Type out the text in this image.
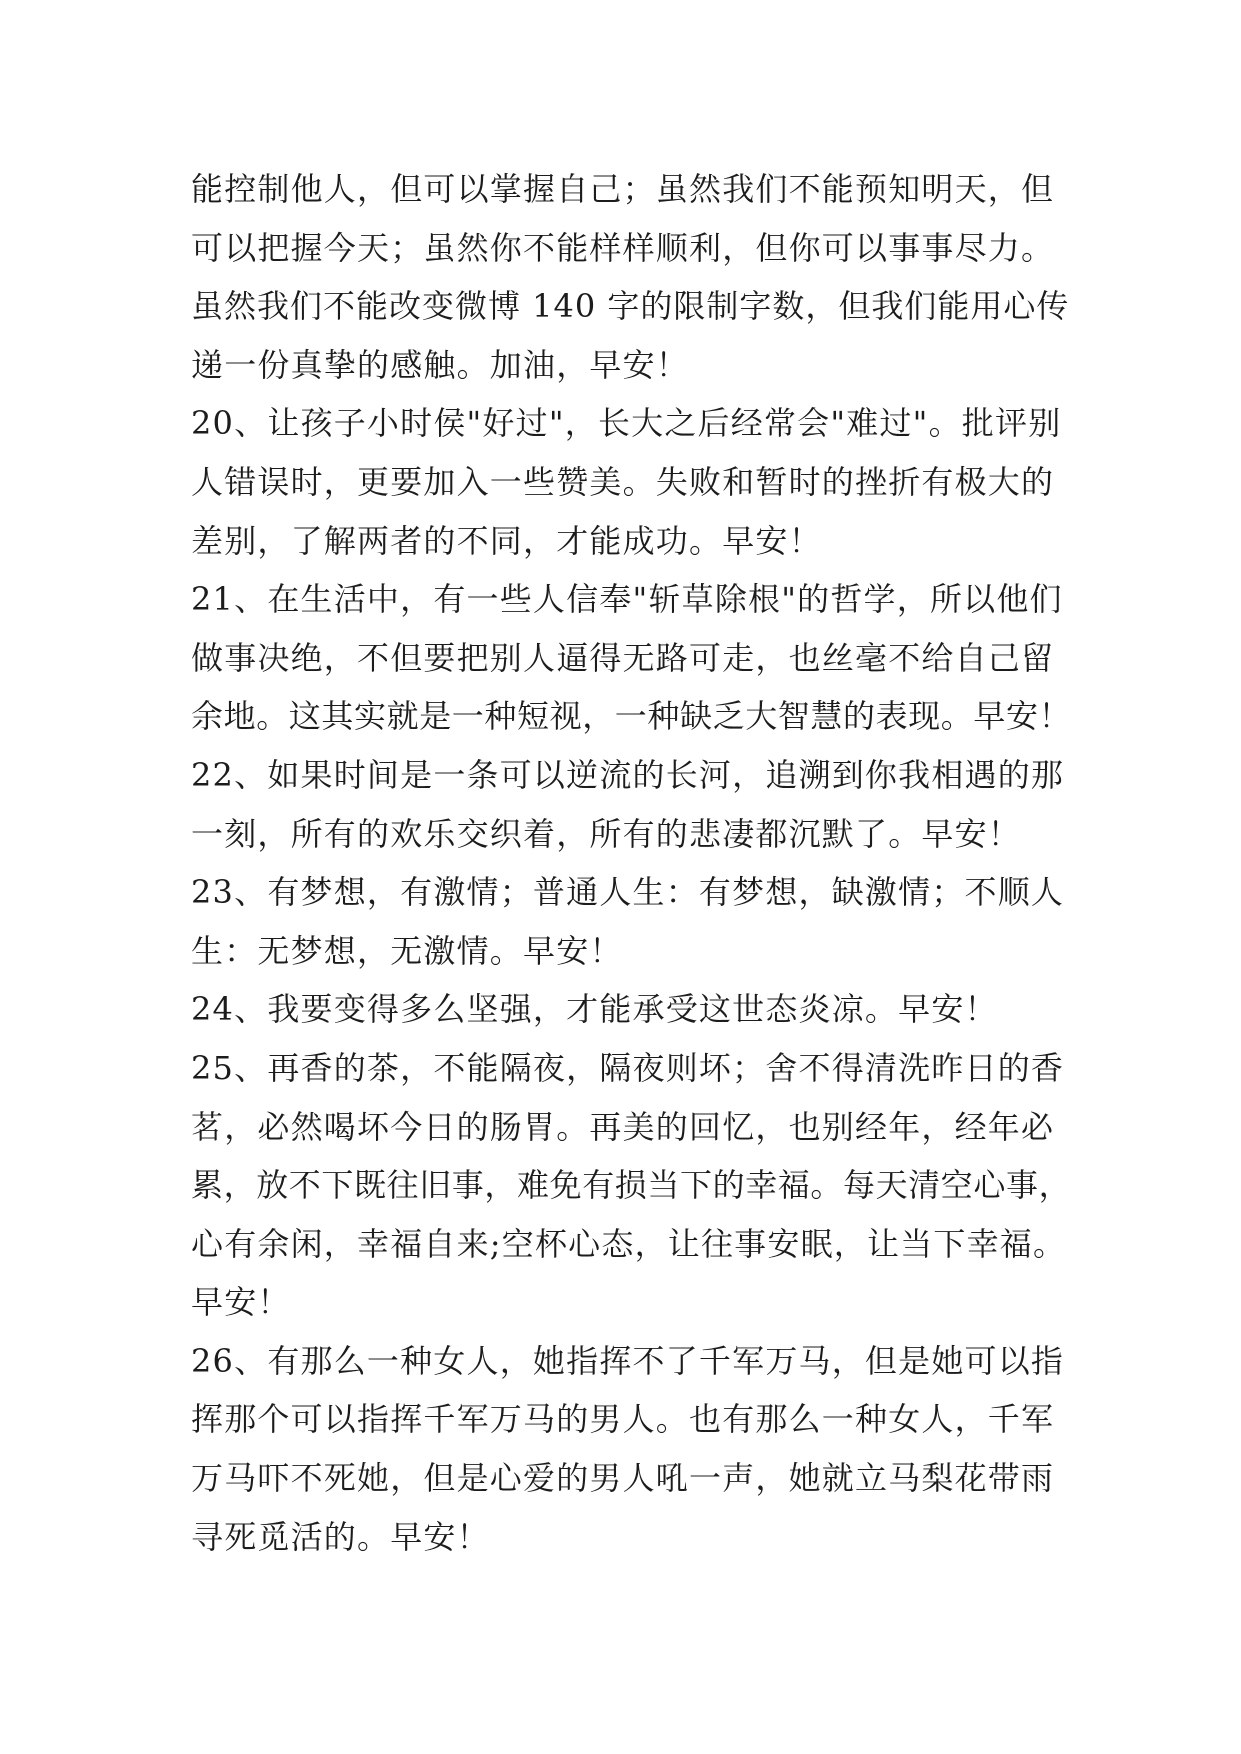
能控制他人，但可以掌握自己；虽然我们不能预知明天，但
可以把握今天；虽然你不能样样顺利，但你可以事事尽力。
虽然我们不能改变微博 140 字的限制字数，但我们能用心传
递一份真挚的感触。加油，早安！
20、让孩子小时侯"好过"，长大之后经常会"难过"。批评别
人错误时，更要加入一些赞美。失败和暂时的挫折有极大的
差别，了解两者的不同，才能成功。早安！
21、在生活中，有一些人信奉"斩草除根"的哲学，所以他们
做事决绝，不但要把别人逼得无路可走，也丝毫不给自己留
余地。这其实就是一种短视，一种缺乏大智慧的表现。早安！
22、如果时间是一条可以逆流的长河，追溯到你我相遇的那
一刻，所有的欢乐交织着，所有的悲凄都沉默了。早安！
23、有梦想，有激情；普通人生：有梦想，缺激情；不顺人
生：无梦想，无激情。早安！
24、我要变得多么坚强，才能承受这世态炎凉。早安！
25、再香的茶，不能隔夜，隔夜则坏；舍不得清洗昨日的香
茗，必然喝坏今日的肠胃。再美的回忆，也别经年，经年必
累，放不下既往旧事，难免有损当下的幸福。每天清空心事，
心有余闲，幸福自来;空杯心态，让往事安眠，让当下幸福。
早安！
26、有那么一种女人，她指挥不了千军万马，但是她可以指
挥那个可以指挥千军万马的男人。也有那么一种女人，千军
万马吓不死她，但是心爱的男人吼一声，她就立马梨花带雨
寻死觅活的。早安！
